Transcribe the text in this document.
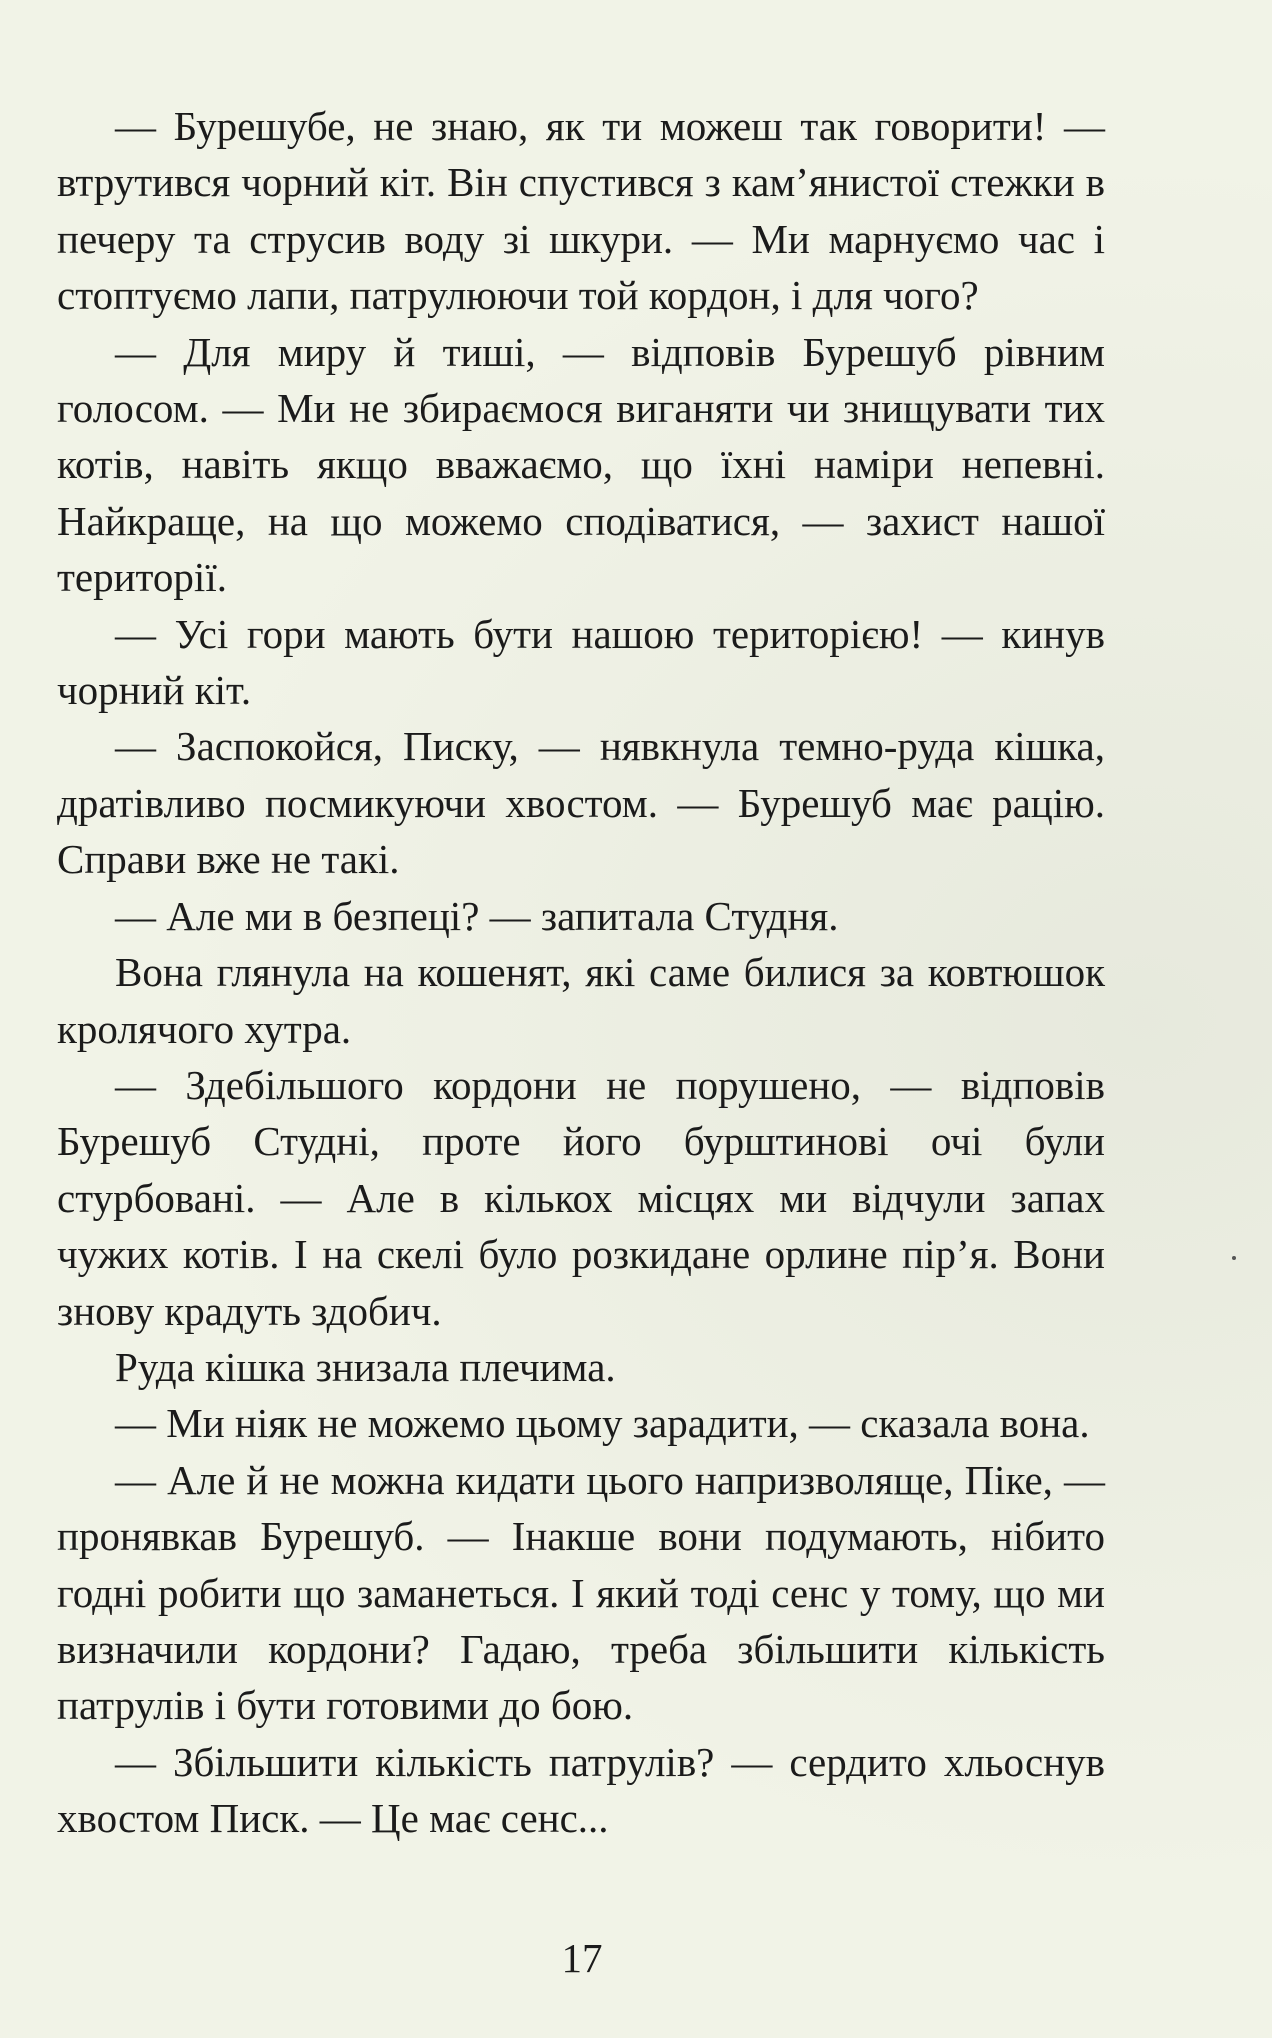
— Бурешубе, не знаю, як ти можеш так говорити! — втрутився чорний кіт. Він спустився з кам’янистої стежки в печеру та струсив воду зі шкури. — Ми марнуємо час і стоптуємо лапи, патрулюючи той кордон, і для чого?

— Для миру й тиші, — відповів Бурешуб рівним голосом. — Ми не збираємося виганяти чи знищувати тих котів, навіть якщо вважаємо, що їхні наміри непевні. Найкраще, на що можемо сподіватися, — захист нашої території.

— Усі гори мають бути нашою територією! — кинув чорний кіт.

— Заспокойся, Писку, — нявкнула темно-руда кішка, дратівливо посмикуючи хвостом. — Бурешуб має рацію. Справи вже не такі.

— Але ми в безпеці? — запитала Студня.

Вона глянула на кошенят, які саме билися за ковтюшок кролячого хутра.

— Здебільшого кордони не порушено, — відповів Бурешуб Студні, проте його бурштинові очі були стурбовані. — Але в кількох місцях ми відчули запах чужих котів. І на скелі було розкидане орлине пір’я. Вони знову крадуть здобич.

Руда кішка знизала плечима.

— Ми ніяк не можемо цьому зарадити, — сказала вона.

— Але й не можна кидати цього напризволяще, Піке, — пронявкав Бурешуб. — Інакше вони подумають, нібито годні робити що заманеться. І який тоді сенс у тому, що ми визначили кордони? Гадаю, треба збільшити кількість патрулів і бути готовими до бою.

— Збільшити кількість патрулів? — сердито хльоснув хвостом Писк. — Це має сенс...

17
